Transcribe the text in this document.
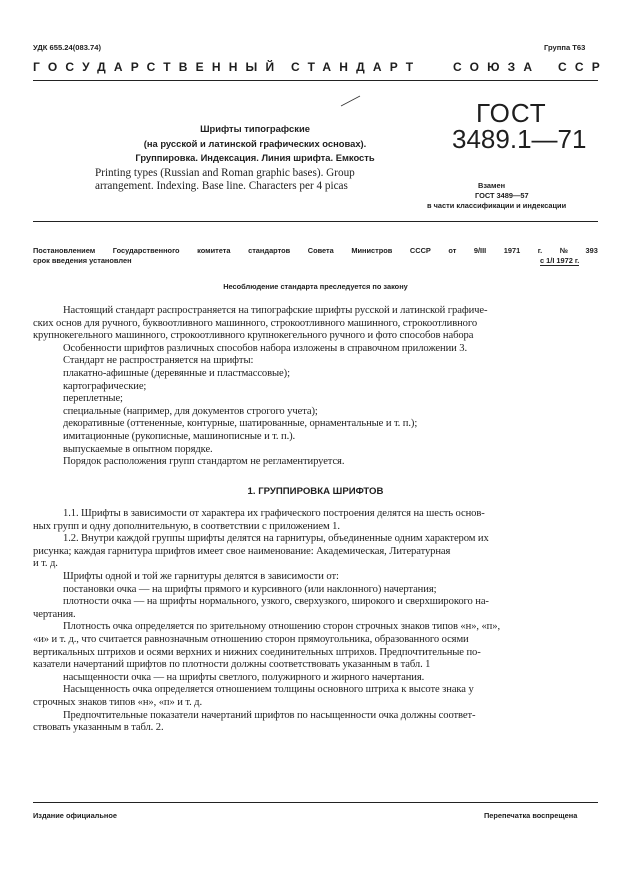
УДК 655.24(083.74)	Группа Т63
ГОСУДАРСТВЕННЫЙ СТАНДАРТ	СОЮЗА ССР
Шрифты типографские
(на русской и латинской графических основах).
Группировка. Индексация. Линия шрифта. Емкость
Printing types (Russian and Roman graphic bases). Group
arrangement. Indexing. Base line. Characters per 4 picas
ГОСТ
3489.1—71
Взамен
ГОСТ 3489—57
в части классификации и индексации
Постановлением Государственного комитета стандартов Совета Министров СССР от 9/III 1971 г. № 393
срок введения установлен	с 1/I 1972 г.
Несоблюдение стандарта преследуется по закону
Настоящий стандарт распространяется на типографские шрифты русской и латинской графиче-
ских основ для ручного, буквоотливного машинного, строкоотливного машинного, строкоотливного
крупнокегельного машинного, строкоотливного крупнокегельного ручного и фото способов набора
Особенности шрифтов различных способов набора изложены в справочном приложении 3.
Стандарт не распространяется на шрифты:
плакатно-афишные (деревянные и пластмассовые);
картографические;
переплетные;
специальные (например, для документов строгого учета);
декоративные (оттененные, контурные, шатированные, орнаментальные и т. п.);
имитационные (рукописные, машинописные и т. п.).
выпускаемые в опытном порядке.
Порядок расположения групп стандартом не регламентируется.
1. ГРУППИРОВКА ШРИФТОВ
1.1. Шрифты в зависимости от характера их графического построения делятся на шесть основ-
ных групп и одну дополнительную, в соответствии с приложением 1.
1.2. Внутри каждой группы шрифты делятся на гарнитуры, объединенные одним характером их
рисунка; каждая гарнитура шрифтов имеет свое наименование: Академическая, Литературная
и т. д.
Шрифты одной и той же гарнитуры делятся в зависимости от:
постановки очка — на шрифты прямого и курсивного (или наклонного) начертания;
плотности очка — на шрифты нормального, узкого, сверхузкого, широкого и сверхширокого на-
чертания.
Плотность очка определяется по зрительному отношению сторон строчных знаков типов «н», «п»,
«и» и т. д., что считается равнозначным отношению сторон прямоугольника, образованного осями
вертикальных штрихов и осями верхних и нижних соединительных штрихов. Предпочтительные по-
казатели начертаний шрифтов по плотности должны соответствовать указанным в табл. 1
насыщенности очка — на шрифты светлого, полужирного и жирного начертания.
Насыщенность очка определяется отношением толщины основного штриха к высоте знака у
строчных знаков типов «н», «п» и т. д.
Предпочтительные показатели начертаний шрифтов по насыщенности очка должны соответ-
ствовать указанным в табл. 2.
Издание официальное	Перепечатка воспрещена
